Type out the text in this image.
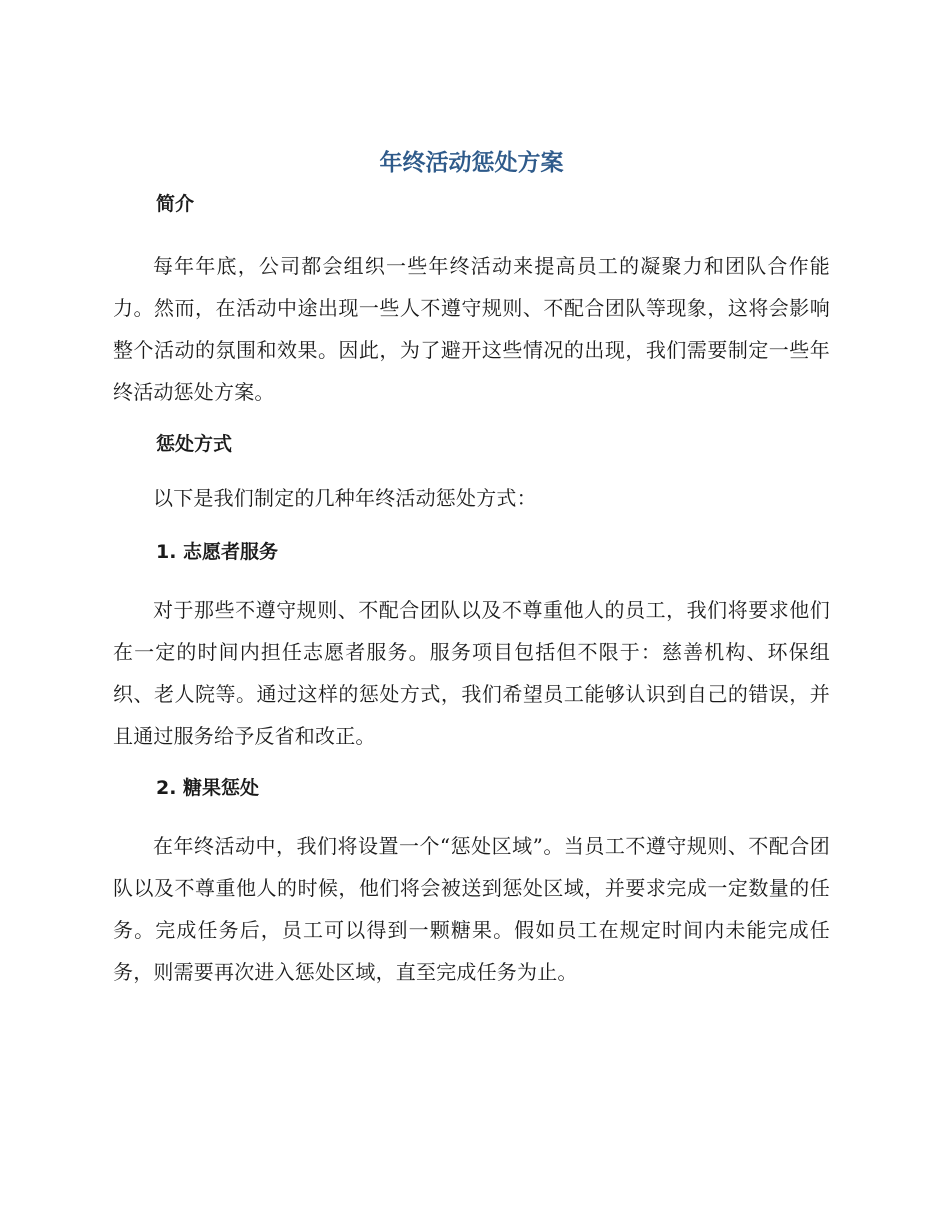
年终活动惩处方案
简介

每年年底，公司都会组织一些年终活动来提高员工的凝聚力和团队合作能力。然而，在活动中途出现一些人不遵守规则、不配合团队等现象，这将会影响整个活动的氛围和效果。因此，为了避开这些情况的出现，我们需要制定一些年终活动惩处方案。

惩处方式

以下是我们制定的几种年终活动惩处方式：

1. 志愿者服务

对于那些不遵守规则、不配合团队以及不尊重他人的员工，我们将要求他们在一定的时间内担任志愿者服务。服务项目包括但不限于：慈善机构、环保组织、老人院等。通过这样的惩处方式，我们希望员工能够认识到自己的错误，并且通过服务给予反省和改正。

2. 糖果惩处

在年终活动中，我们将设置一个“惩处区域”。当员工不遵守规则、不配合团队以及不尊重他人的时候，他们将会被送到惩处区域，并要求完成一定数量的任务。完成任务后，员工可以得到一颗糖果。假如员工在规定时间内未能完成任务，则需要再次进入惩处区域，直至完成任务为止。
